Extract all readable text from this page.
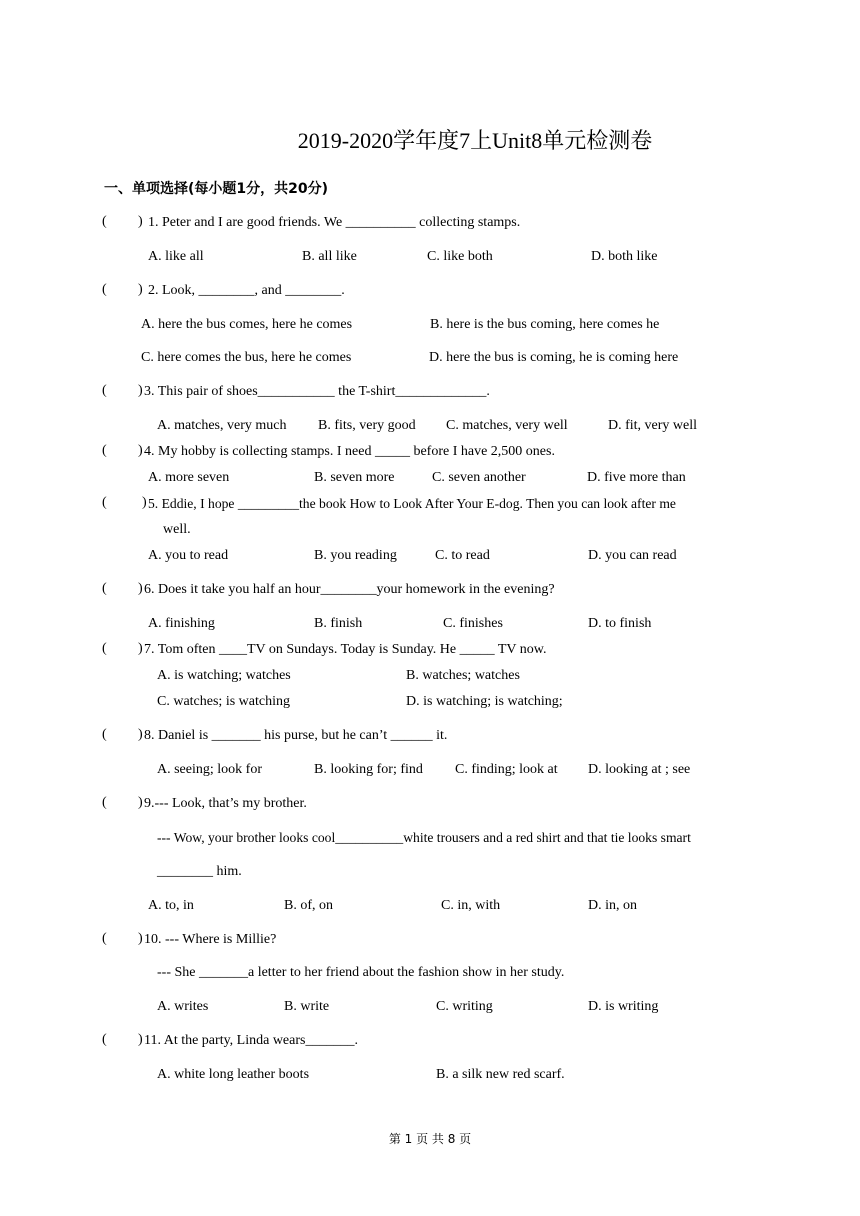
2019-2020学年度7上Unit8单元检测卷
一、单项选择(每小题1分，共20分)
( ) 1. Peter and I are good friends. We __________ collecting stamps.
A. like all	B. all like	C. like both	D. both like
( ) 2. Look, ________, and ________.
A. here the bus comes, here he comes	B. here is the bus coming, here comes he
C. here comes the bus, here he comes	D. here the bus is coming, he is coming here
( ) 3. This pair of shoes___________ the T-shirt_____________.
A. matches, very much B. fits, very good C. matches, very well	D. fit, very well
( ) 4. My hobby is collecting stamps. I need _____ before I have 2,500 ones.
A. more seven	B. seven more	C. seven another	D. five more than
(	) 5. Eddie, I hope _________the book How to Look After Your E-dog. Then you can look after me
well.
A. you to read	B. you reading	C. to read	D. you can read
( ) 6. Does it take you half an hour________your homework in the evening?
A. finishing	B. finish	C. finishes	D. to finish
( ) 7. Tom often ____TV on Sundays. Today is Sunday. He _____ TV now.
A. is watching; watches	B. watches; watches
C. watches; is watching	D. is watching; is watching;
( ) 8. Daniel is _______ his purse, but he can’t ______ it.
A. seeing; look for	B. looking for; find C. finding; look at D. looking at ; see
( ) 9.--- Look, that’s my brother.
--- Wow, your brother looks cool__________white trousers and a red shirt and that tie looks smart
________ him.
A. to, in	B. of, on	C. in, with	D. in, on
( ) 10. --- Where is Millie?
--- She _______a letter to her friend about the fashion show in her study.
A. writes	B. write	C. writing	D. is writing
( ) 11. At the party, Linda wears_______.
A. white long leather boots	B. a silk new red scarf.
第 1 页 共 8 页
